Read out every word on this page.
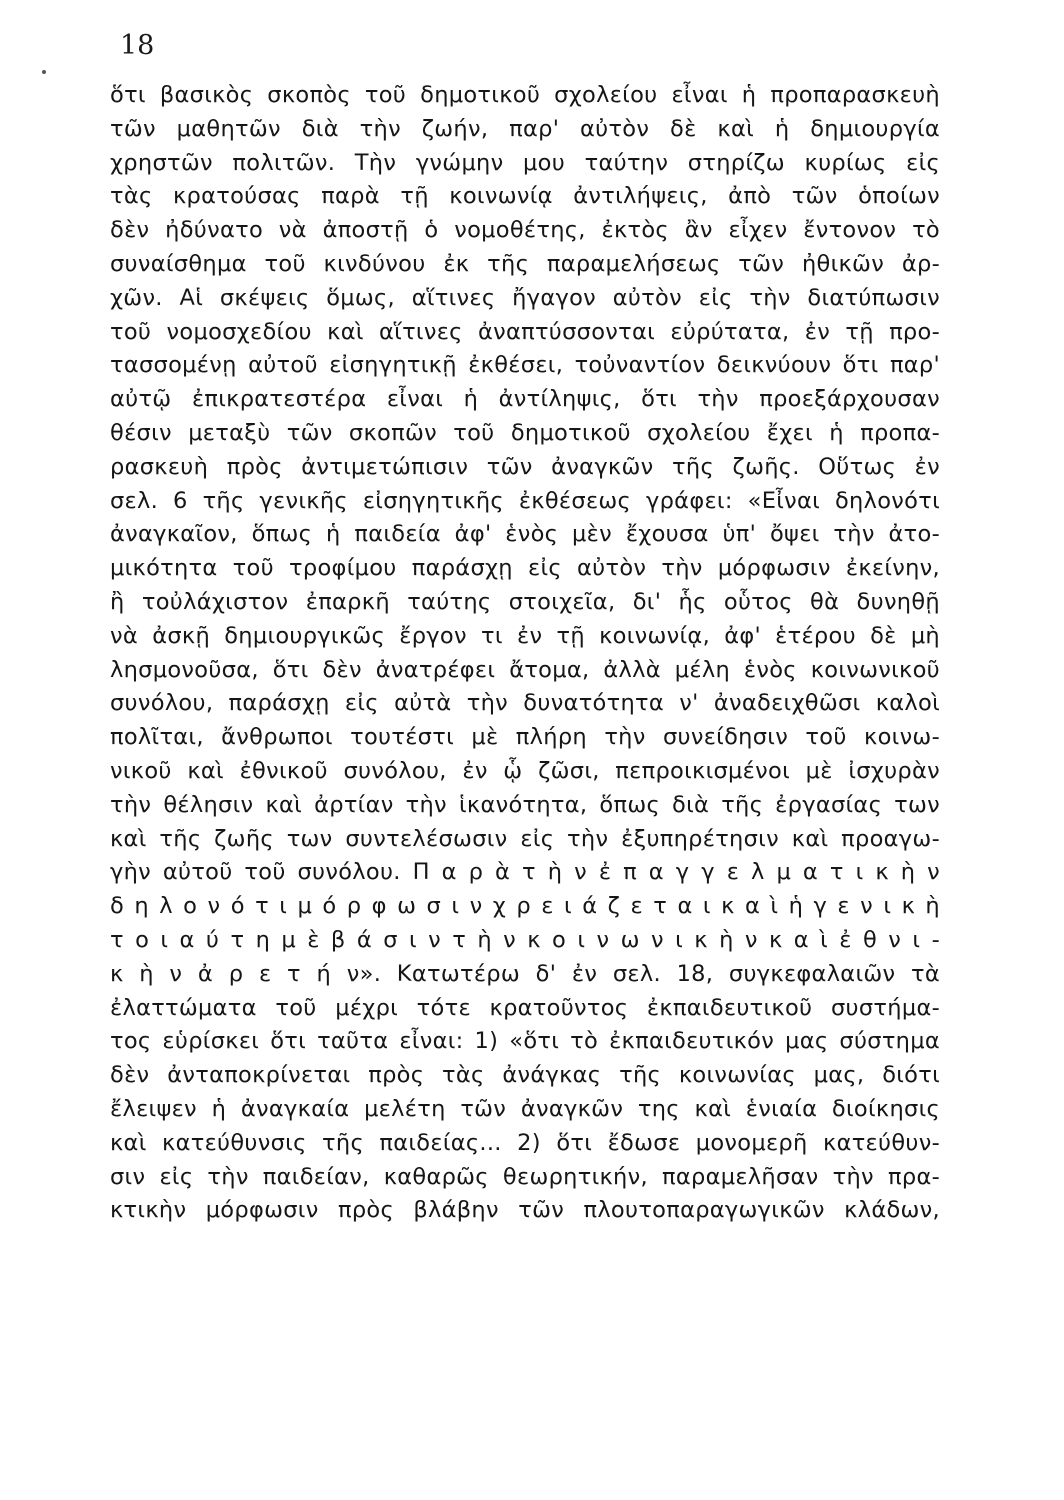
18
ὅτι βασικὸς σκοπὸς τοῦ δημοτικοῦ σχολείου εἶναι ἡ προπαρασκευὴ
τῶν μαθητῶν διὰ τὴν ζωήν, παρ' αὐτὸν δὲ καὶ ἡ δημιουργία
χρηστῶν πολιτῶν. Τὴν γνώμην μου ταύτην στηρίζω κυρίως εἰς
τὰς κρατούσας παρὰ τῇ κοινωνίᾳ ἀντιλήψεις, ἀπὸ τῶν ὁποίων
δὲν ἠδύνατο νὰ ἀποστῇ ὁ νομοθέτης, ἐκτὸς ἂν εἶχεν ἔντονον τὸ
συναίσθημα τοῦ κινδύνου ἐκ τῆς παραμελήσεως τῶν ἠθικῶν ἀρ-
χῶν. Αἱ σκέψεις ὅμως, αἵτινες ἤγαγον αὐτὸν εἰς τὴν διατύπωσιν
τοῦ νομοσχεδίου καὶ αἵτινες ἀναπτύσσονται εὐρύτατα, ἐν τῇ προ-
τασσομένῃ αὐτοῦ εἰσηγητικῇ ἐκθέσει, τοὐναντίον δεικνύουν ὅτι παρ'
αὐτῷ ἐπικρατεστέρα εἶναι ἡ ἀντίληψις, ὅτι τὴν προεξάρχουσαν
θέσιν μεταξὺ τῶν σκοπῶν τοῦ δημοτικοῦ σχολείου ἔχει ἡ προπα-
ρασκευὴ πρὸς ἀντιμετώπισιν τῶν ἀναγκῶν τῆς ζωῆς. Οὕτως ἐν
σελ. 6 τῆς γενικῆς εἰσηγητικῆς ἐκθέσεως γράφει: «Εἶναι δηλονότι
ἀναγκαῖον, ὅπως ἡ παιδεία ἀφ' ἑνὸς μὲν ἔχουσα ὑπ' ὄψει τὴν ἀτο-
μικότητα τοῦ τροφίμου παράσχῃ εἰς αὐτὸν τὴν μόρφωσιν ἐκείνην,
ἢ τοὐλάχιστον ἐπαρκῆ ταύτης στοιχεῖα, δι' ἧς οὗτος θὰ δυνηθῇ
νὰ ἀσκῇ δημιουργικῶς ἔργον τι ἐν τῇ κοινωνίᾳ, ἀφ' ἑτέρου δὲ μὴ
λησμονοῦσα, ὅτι δὲν ἀνατρέφει ἄτομα, ἀλλὰ μέλη ἑνὸς κοινωνικοῦ
συνόλου, παράσχῃ εἰς αὐτὰ τὴν δυνατότητα ν' ἀναδειχθῶσι καλοὶ
πολῖται, ἄνθρωποι τουτέστι μὲ πλήρη τὴν συνείδησιν τοῦ κοινω-
νικοῦ καὶ ἐθνικοῦ συνόλου, ἐν ᾧ ζῶσι, πεπροικισμένοι μὲ ἰσχυρὰν
τὴν θέλησιν καὶ ἀρτίαν τὴν ἱκανότητα, ὅπως διὰ τῆς ἐργασίας των
καὶ τῆς ζωῆς των συντελέσωσιν εἰς τὴν ἐξυπηρέτησιν καὶ προαγω-
γὴν αὐτοῦ τοῦ συνόλου. Π α ρ ὰ τ ὴ ν ἐ π α γ γ ε λ μ α τ ι κ ὴ ν
δ η λ ο ν ό τ ι μ ό ρ φ ω σ ι ν χ ρ ε ι ά ζ ε τ α ι κ α ὶ ἡ γ ε ν ι κ ὴ
τ ο ι α ύ τ η μ ὲ β ά σ ι ν τ ὴ ν κ ο ι ν ω ν ι κ ὴ ν κ α ὶ ἐ θ ν ι -
κ ὴ ν ἀ ρ ε τ ή ν». Κατωτέρω δ' ἐν σελ. 18, συγκεφαλαιῶν τὰ
ἐλαττώματα τοῦ μέχρι τότε κρατοῦντος ἐκπαιδευτικοῦ συστήμα-
τος εὑρίσκει ὅτι ταῦτα εἶναι: 1) «ὅτι τὸ ἐκπαιδευτικόν μας σύστημα
δὲν ἀνταποκρίνεται πρὸς τὰς ἀνάγκας τῆς κοινωνίας μας, διότι
ἔλειψεν ἡ ἀναγκαία μελέτη τῶν ἀναγκῶν της καὶ ἑνιαία διοίκησις
καὶ κατεύθυνσις τῆς παιδείας... 2) ὅτι ἔδωσε μονομερῆ κατεύθυν-
σιν εἰς τὴν παιδείαν, καθαρῶς θεωρητικήν, παραμελῆσαν τὴν πρα-
κτικὴν μόρφωσιν πρὸς βλάβην τῶν πλουτοπαραγωγικῶν κλάδων,
